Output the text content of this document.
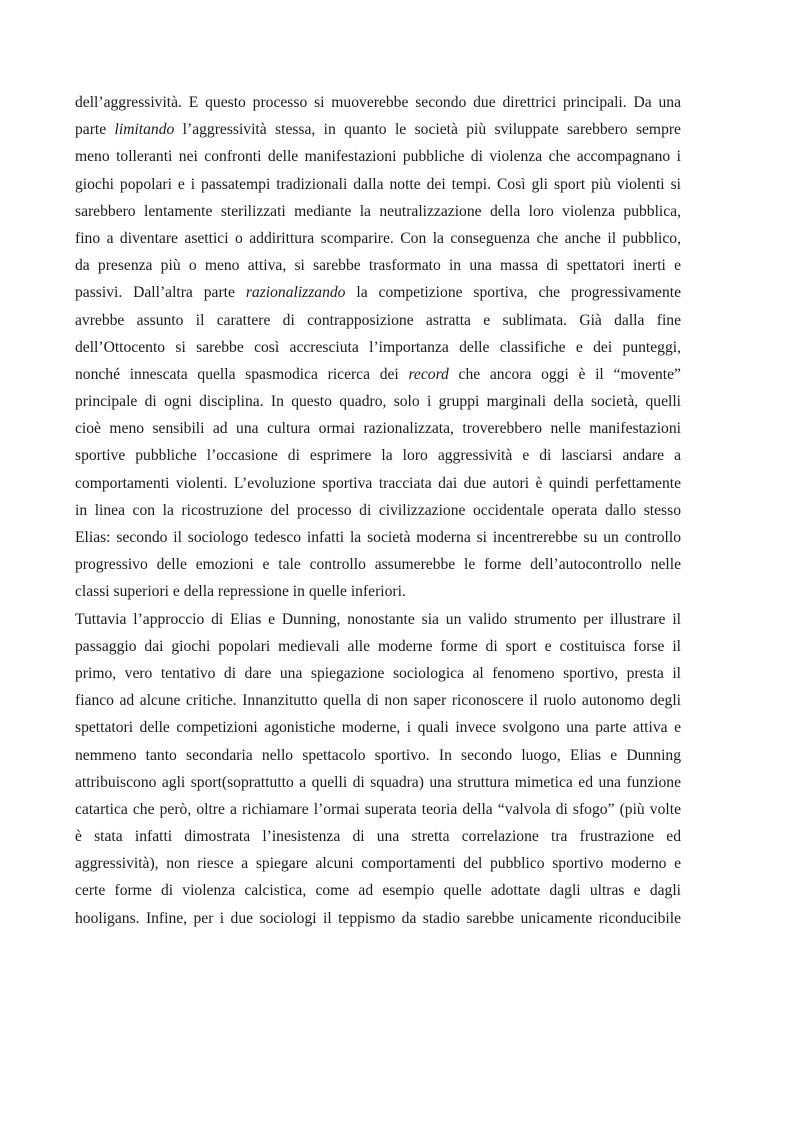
dell’aggressività. E questo processo si muoverebbe secondo due direttrici principali. Da una
parte limitando l’aggressività stessa, in quanto le società più sviluppate sarebbero sempre
meno tolleranti nei confronti delle manifestazioni pubbliche di violenza che accompagnano i
giochi popolari e i passatempi tradizionali dalla notte dei tempi. Così gli sport più violenti si
sarebbero lentamente sterilizzati mediante la neutralizzazione della loro violenza pubblica,
fino a diventare asettici o addirittura scomparire. Con la conseguenza che anche il pubblico,
da presenza più o meno attiva, si sarebbe trasformato in una massa di spettatori inerti e
passivi. Dall’altra parte razionalizzando la competizione sportiva, che progressivamente
avrebbe assunto il carattere di contrapposizione astratta e sublimata. Già dalla fine
dell’Ottocento si sarebbe così accresciuta l’importanza delle classifiche e dei punteggi,
nonché innescata quella spasmodica ricerca dei record che ancora oggi è il “movente”
principale di ogni disciplina. In questo quadro, solo i gruppi marginali della società, quelli
cioè meno sensibili ad una cultura ormai razionalizzata, troverebbero nelle manifestazioni
sportive pubbliche l’occasione di esprimere la loro aggressività e di lasciarsi andare a
comportamenti violenti. L’evoluzione sportiva tracciata dai due autori è quindi perfettamente
in linea con la ricostruzione del processo di civilizzazione occidentale operata dallo stesso
Elias: secondo il sociologo tedesco infatti la società moderna si incentrerebbe su un controllo
progressivo delle emozioni e tale controllo assumerebbe le forme dell’autocontrollo nelle
classi superiori e della repressione in quelle inferiori.
Tuttavia l’approccio di Elias e Dunning, nonostante sia un valido strumento per illustrare il
passaggio dai giochi popolari medievali alle moderne forme di sport e costituisca forse il
primo, vero tentativo di dare una spiegazione sociologica al fenomeno sportivo, presta il
fianco ad alcune critiche. Innanzitutto quella di non saper riconoscere il ruolo autonomo degli
spettatori delle competizioni agonistiche moderne, i quali invece svolgono una parte attiva e
nemmeno tanto secondaria nello spettacolo sportivo. In secondo luogo, Elias e Dunning
attribuiscono agli sport(soprattutto a quelli di squadra) una struttura mimetica ed una funzione
catartica che però, oltre a richiamare l’ormai superata teoria della “valvola di sfogo” (più volte
è stata infatti dimostrata l’inesistenza di una stretta correlazione tra frustrazione ed
aggressività), non riesce a spiegare alcuni comportamenti del pubblico sportivo moderno e
certe forme di violenza calcistica, come ad esempio quelle adottate dagli ultras e dagli
hooligans. Infine, per i due sociologi il teppismo da stadio sarebbe unicamente riconducibile
